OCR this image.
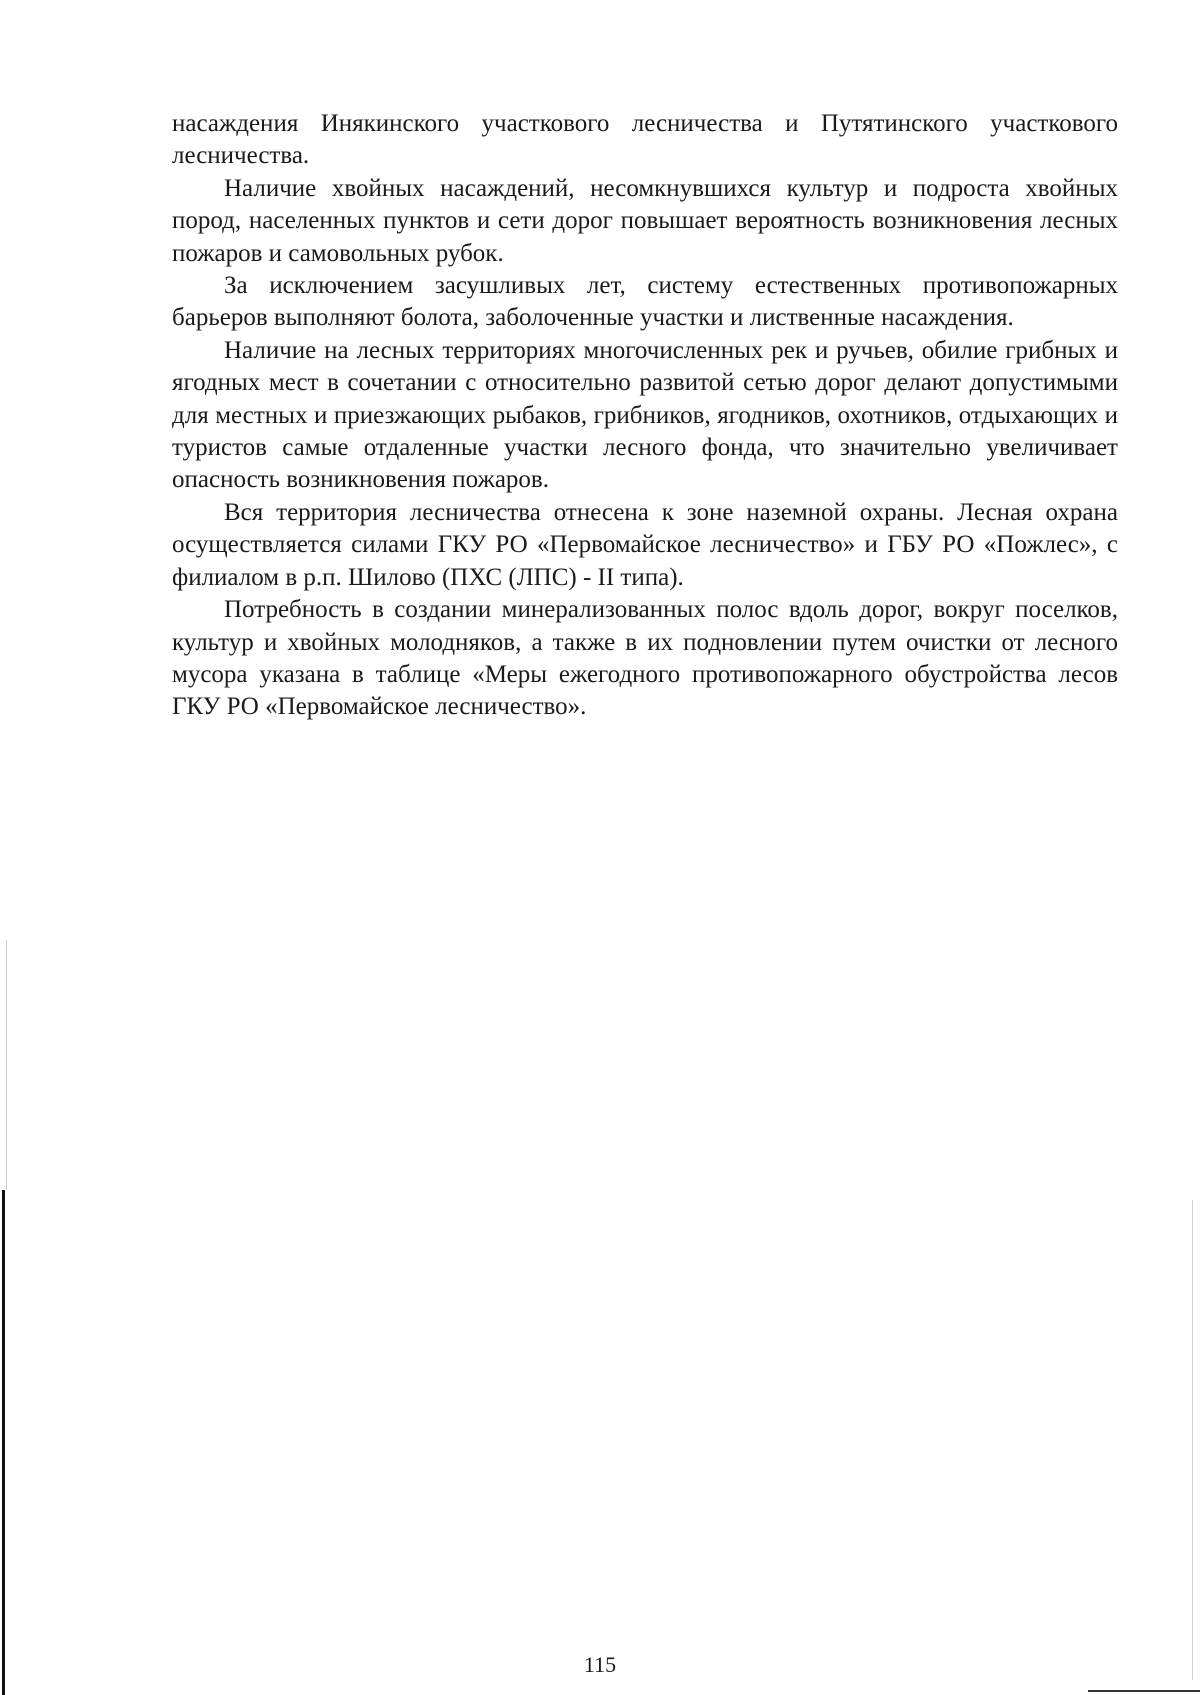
насаждения Инякинского участкового лесничества и Путятинского участкового лесничества.

Наличие хвойных насаждений, несомкнувшихся культур и подроста хвойных пород, населенных пунктов и сети дорог повышает вероятность возникновения лесных пожаров и самовольных рубок.

За исключением засушливых лет, систему естественных противопожарных барьеров выполняют болота, заболоченные участки и лиственные насаждения.

Наличие на лесных территориях многочисленных рек и ручьев, обилие грибных и ягодных мест в сочетании с относительно развитой сетью дорог делают допустимыми для местных и приезжающих рыбаков, грибников, ягодников, охотников, отдыхающих и туристов самые отдаленные участки лесного фонда, что значительно увеличивает опасность возникновения пожаров.

Вся территория лесничества отнесена к зоне наземной охраны. Лесная охрана осуществляется силами ГКУ РО «Первомайское лесничество» и ГБУ РО «Пожлес», с филиалом в р.п. Шилово (ПХС (ЛПС) - II типа).

Потребность в создании минерализованных полос вдоль дорог, вокруг поселков, культур и хвойных молодняков, а также в их подновлении путем очистки от лесного мусора указана в таблице «Меры ежегодного противопожарного обустройства лесов ГКУ РО «Первомайское лесничество».

115
